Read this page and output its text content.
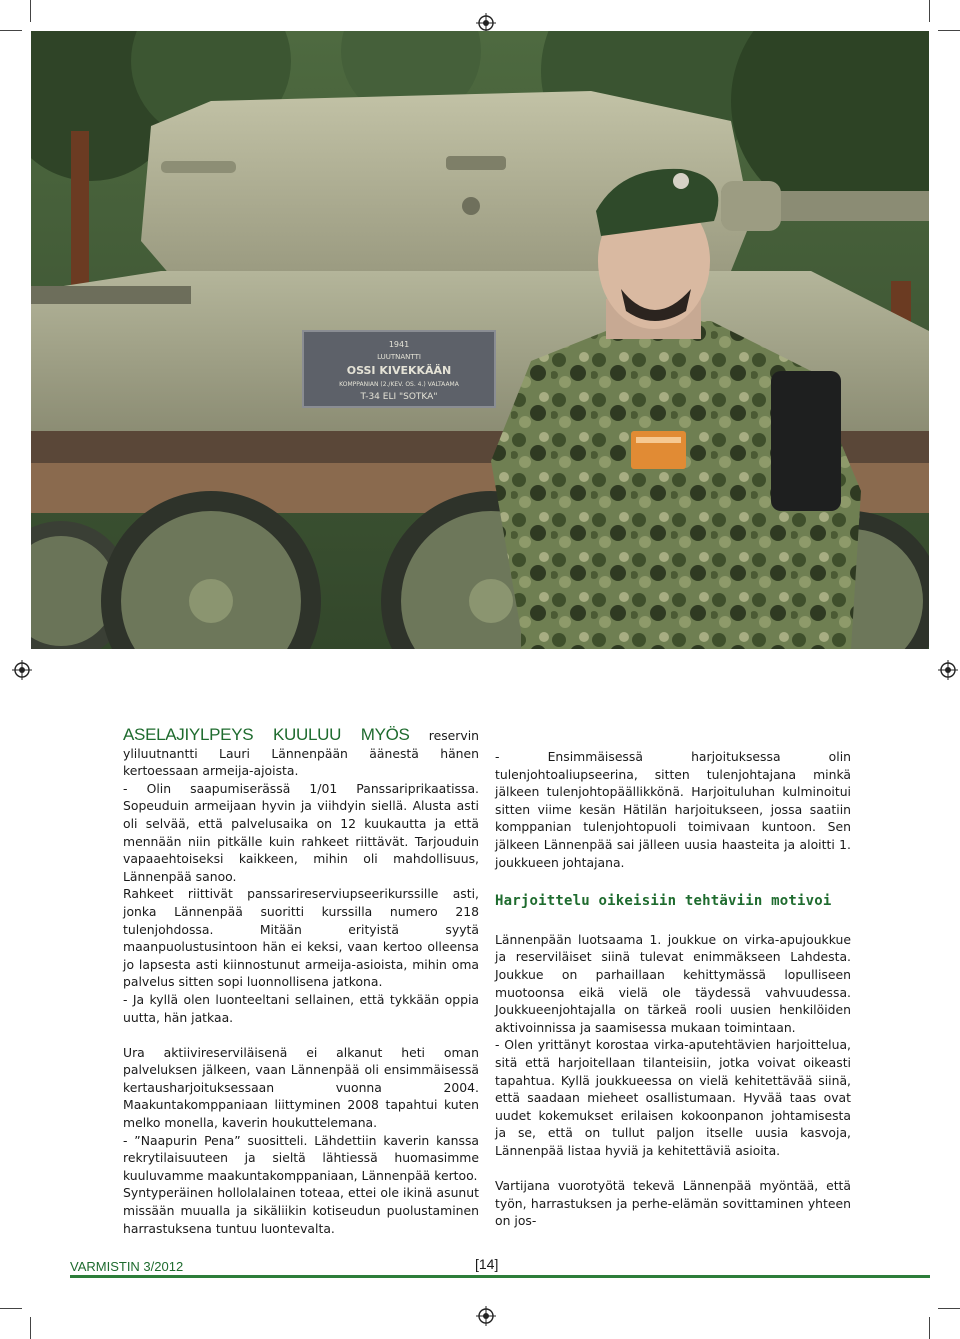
1941
LUUTNANTTI
OSSI KIVEKKÄÄN
KOMPPANIAN (2./KEV. OS. 4.) VALTAAMA
T-34 ELI "SOTKA"

ASELAJIYLPEYS KUULUU MYÖS reservin yliluutnantti Lauri Lännenpään äänestä hänen kertoessaan armeija-ajoista.

- Olin saapumiserässä 1/01 Panssariprikaatissa. Sopeuduin armeijaan hyvin ja viihdyin siellä. Alusta asti oli selvää, että palvelusaika on 12 kuukautta ja että mennään niin pitkälle kuin rahkeet riittävät. Tarjouduin vapaaehtoiseksi kaikkeen, mihin oli mahdollisuus, Lännenpää sanoo.

Rahkeet riittivät panssarireserviupseerikurssille asti, jonka Lännenpää suoritti kurssilla numero 218 tulenjohdossa. Mitään erityistä syytä maanpuolustusintoon hän ei keksi, vaan kertoo olleensa jo lapsesta asti kiinnostunut armeija-asioista, mihin oma palvelus sitten sopi luonnollisena jatkona.

- Ja kyllä olen luonteeltani sellainen, että tykkään oppia uutta, hän jatkaa.

Ura aktiivireserviläisenä ei alkanut heti oman palveluksen jälkeen, vaan Lännenpää oli ensimmäisessä kertausharjoituksessaan vuonna 2004. Maakuntakomppaniaan liittyminen 2008 tapahtui kuten melko monella, kaverin houkuttelemana.

- ”Naapurin Pena” suositteli. Lähdettiin kaverin kanssa rekrytilaisuuteen ja sieltä lähtiessä huomasimme kuuluvamme maakuntakomppaniaan, Lännenpää kertoo.

Syntyperäinen hollolalainen toteaa, ettei ole ikinä asunut missään muualla ja sikäliikin kotiseudun puolustaminen harrastuksena tuntuu luontevalta.

- Ensimmäisessä harjoituksessa olin tulenjohtoaliupseerina, sitten tulenjohtajana minkä jälkeen tulenjohtopäällikkönä. Harjoituluhan kulminoitui sitten viime kesän Hätilän harjoitukseen, jossa saatiin komppanian tulenjohtopuoli toimivaan kuntoon. Sen jälkeen Lännenpää sai jälleen uusia haasteita ja aloitti 1. joukkueen johtajana.

Harjoittelu oikeisiin tehtäviin motivoi

Lännenpään luotsaama 1. joukkue on virka-apujoukkue ja reserviläiset siinä tulevat enimmäkseen Lahdesta. Joukkue on parhaillaan kehittymässä lopulliseen muotoonsa eikä vielä ole täydessä vahvuudessa. Joukkueenjohtajalla on tärkeä rooli uusien henkilöiden aktivoinnissa ja saamisessa mukaan toimintaan.

- Olen yrittänyt korostaa virka-aputehtävien harjoittelua, sitä että harjoitellaan tilanteisiin, jotka voivat oikeasti tapahtua. Kyllä joukkueessa on vielä kehitettävää siinä, että saadaan mieheet osallistumaan. Hyvää taas ovat uudet kokemukset erilaisen kokoonpanon johtamisesta ja se, että on tullut paljon itselle uusia kasvoja, Lännenpää listaa hyviä ja kehitettäviä asioita.

Vartijana vuorotyötä tekevä Lännenpää myöntää, että työn, harrastuksen ja perhe-elämän sovittaminen yhteen on jos-

VARMISTIN 3/2012	[14]
